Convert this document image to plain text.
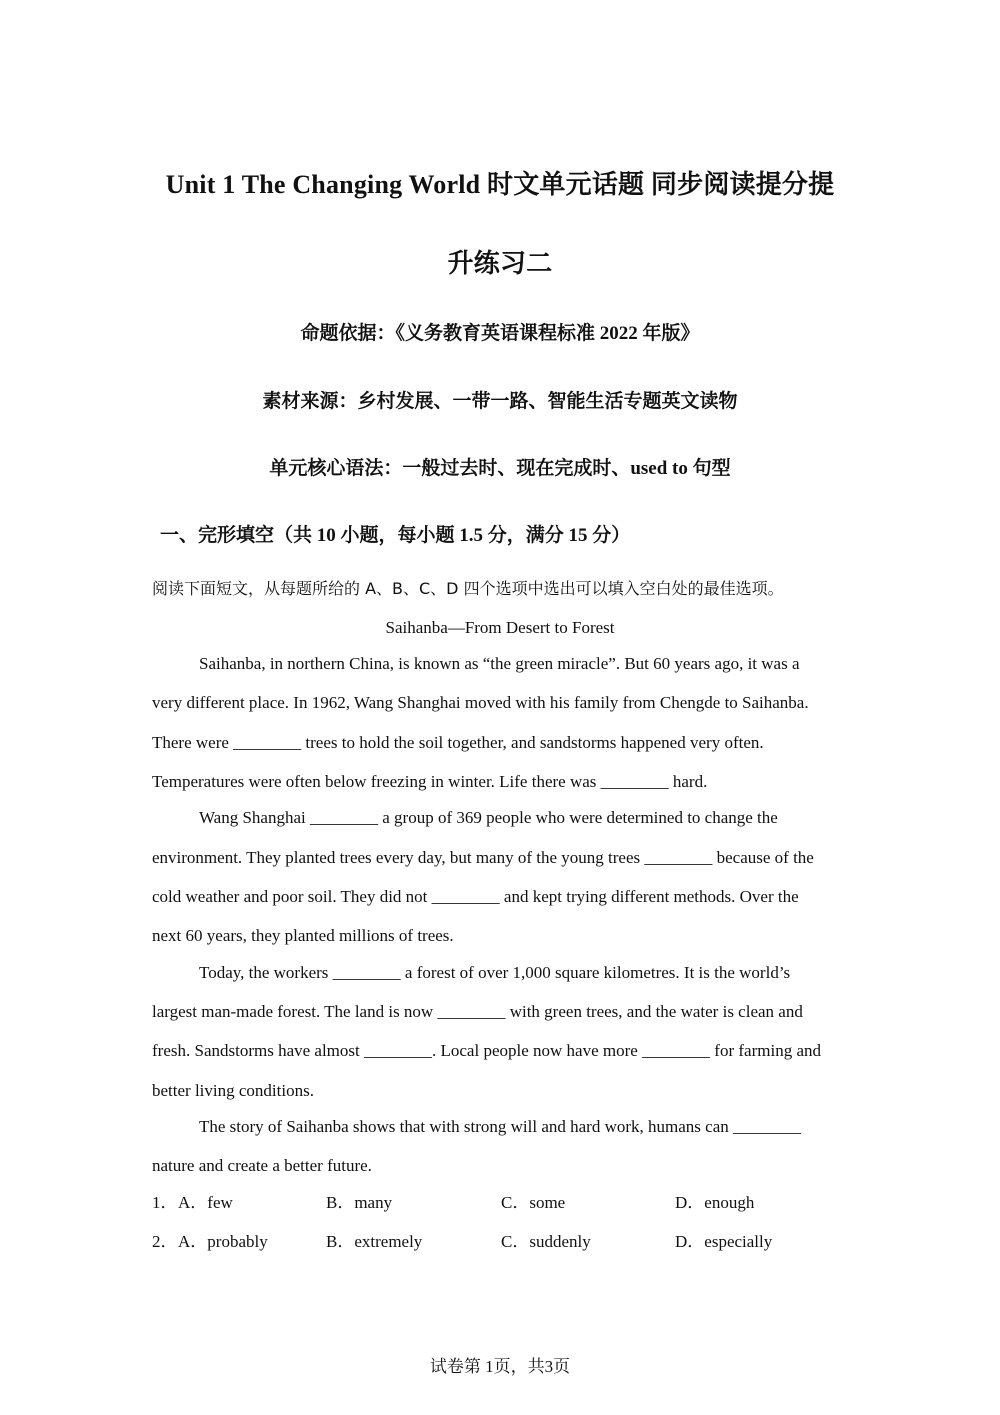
Unit 1 The Changing World 时文单元话题 同步阅读提分提
升练习二
命题依据：《义务教育英语课程标准 2022 年版》
素材来源：乡村发展、一带一路、智能生活专题英文读物
单元核心语法：一般过去时、现在完成时、used to 句型
一、完形填空（共 10 小题，每小题 1.5 分，满分 15 分）
阅读下面短文，从每题所给的 A、B、C、D 四个选项中选出可以填入空白处的最佳选项。
Saihanba—From Desert to Forest
Saihanba, in northern China, is known as “the green miracle”. But 60 years ago, it was a
very different place. In 1962, Wang Shanghai moved with his family from Chengde to Saihanba.
There were ________ trees to hold the soil together, and sandstorms happened very often.
Temperatures were often below freezing in winter. Life there was ________ hard.
Wang Shanghai ________ a group of 369 people who were determined to change the
environment. They planted trees every day, but many of the young trees ________ because of the
cold weather and poor soil. They did not ________ and kept trying different methods. Over the
next 60 years, they planted millions of trees.
Today, the workers ________ a forest of over 1,000 square kilometres. It is the world’s
largest man-made forest. The land is now ________ with green trees, and the water is clean and
fresh. Sandstorms have almost ________. Local people now have more ________ for farming and
better living conditions.
The story of Saihanba shows that with strong will and hard work, humans can ________
nature and create a better future.
1． A．few	B．many	C．some	D．enough
2． A．probably	B．extremely	C．suddenly	D．especially
试卷第 1页，共3页
